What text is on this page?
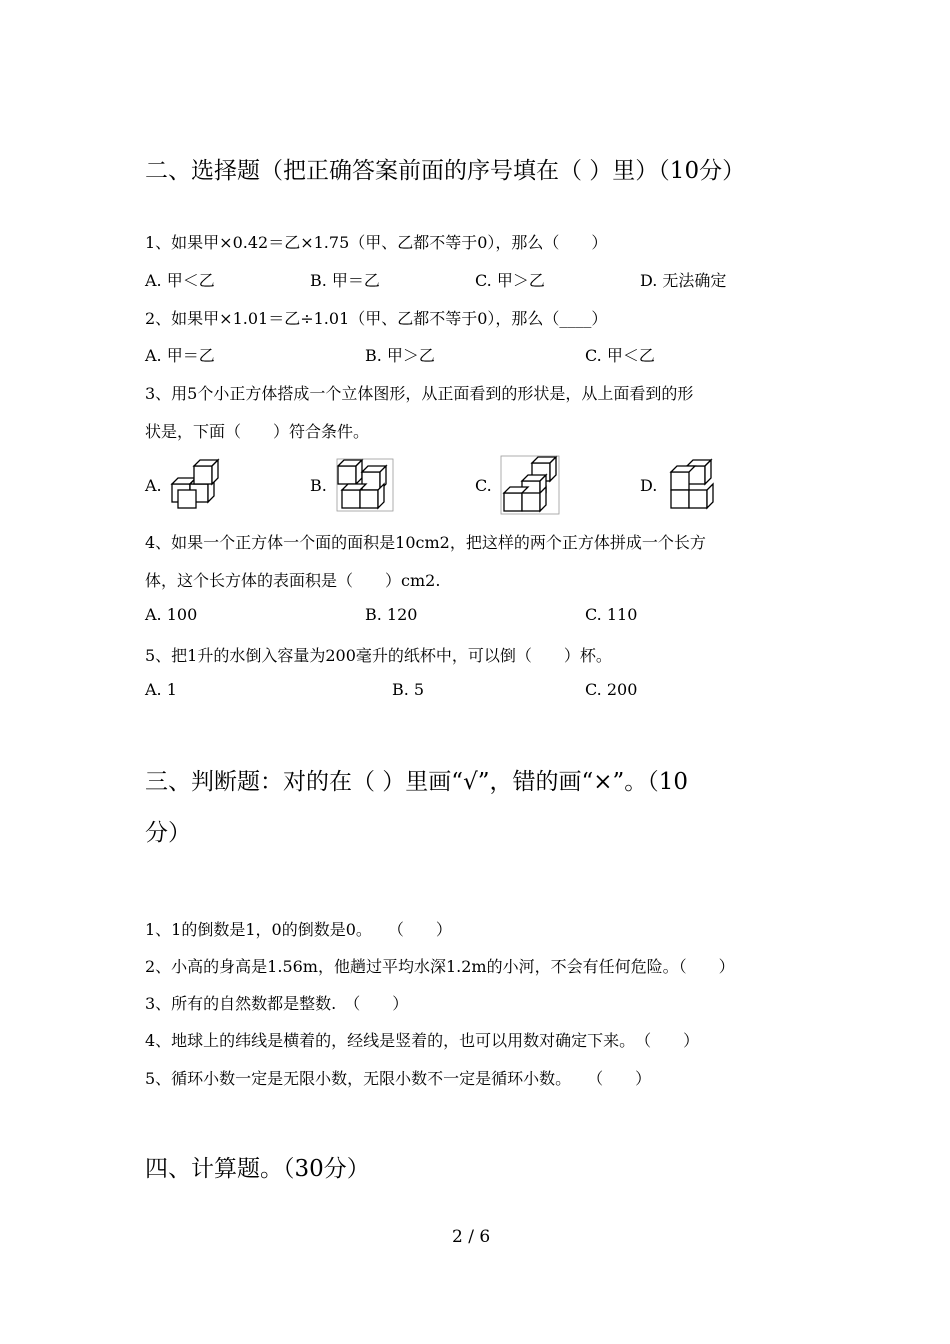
二、选择题（把正确答案前面的序号填在（ ）里）（10分）
1、如果甲×0.42＝乙×1.75（甲、乙都不等于0），那么（　　）
A. 甲＜乙	B. 甲＝乙	C. 甲＞乙	D. 无法确定
2、如果甲×1.01＝乙÷1.01（甲、乙都不等于0），那么（____）
A. 甲＝乙	B. 甲＞乙	C. 甲＜乙
3、用5个小正方体搭成一个立体图形，从正面看到的形状是，从上面看到的形
状是，下面（　　）符合条件。
A.	B.	C.	D.
4、如果一个正方体一个面的面积是10cm2，把这样的两个正方体拼成一个长方
体，这个长方体的表面积是（　　）cm2.
A. 100	B. 120	C. 110
5、把1升的水倒入容量为200毫升的纸杯中，可以倒（　　）杯。
A. 1	B. 5	C. 200
三、判断题：对的在（ ）里画“√”，错的画“×”。（10
分）
1、1的倒数是1，0的倒数是0。　　（　　）
2、小高的身高是1.56m，他趟过平均水深1.2m的小河，不会有任何危险。（　　）
3、所有的自然数都是整数.　（　　）
4、地球上的纬线是横着的，经线是竖着的，也可以用数对确定下来。　（　　）
5、循环小数一定是无限小数，无限小数不一定是循环小数。　　（　　）
四、计算题。（30分）
2 / 6
